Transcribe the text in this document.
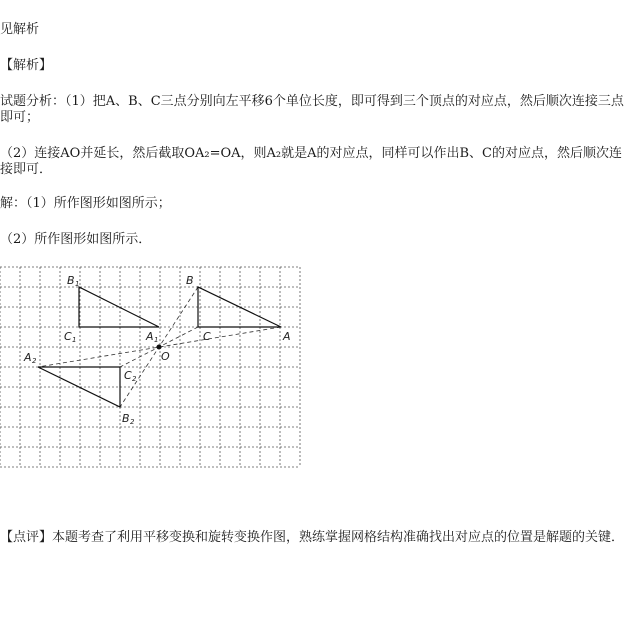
见解析
【解析】
试题分析：（1）把A、B、C三点分别向左平移6个单位长度，即可得到三个顶点的对应点，然后顺次连接三点即可；
（2）连接AO并延长，然后截取OA₂=OA，则A₂就是A的对应点，同样可以作出B、C的对应点，然后顺次连接即可．
解：（1）所作图形如图所示；
（2）所作图形如图所示．
B 1
C 1	A 1
B
C	A
O
A 2
C 2
B 2
【点评】本题考查了利用平移变换和旋转变换作图，熟练掌握网格结构准确找出对应点的位置是解题的关键．
